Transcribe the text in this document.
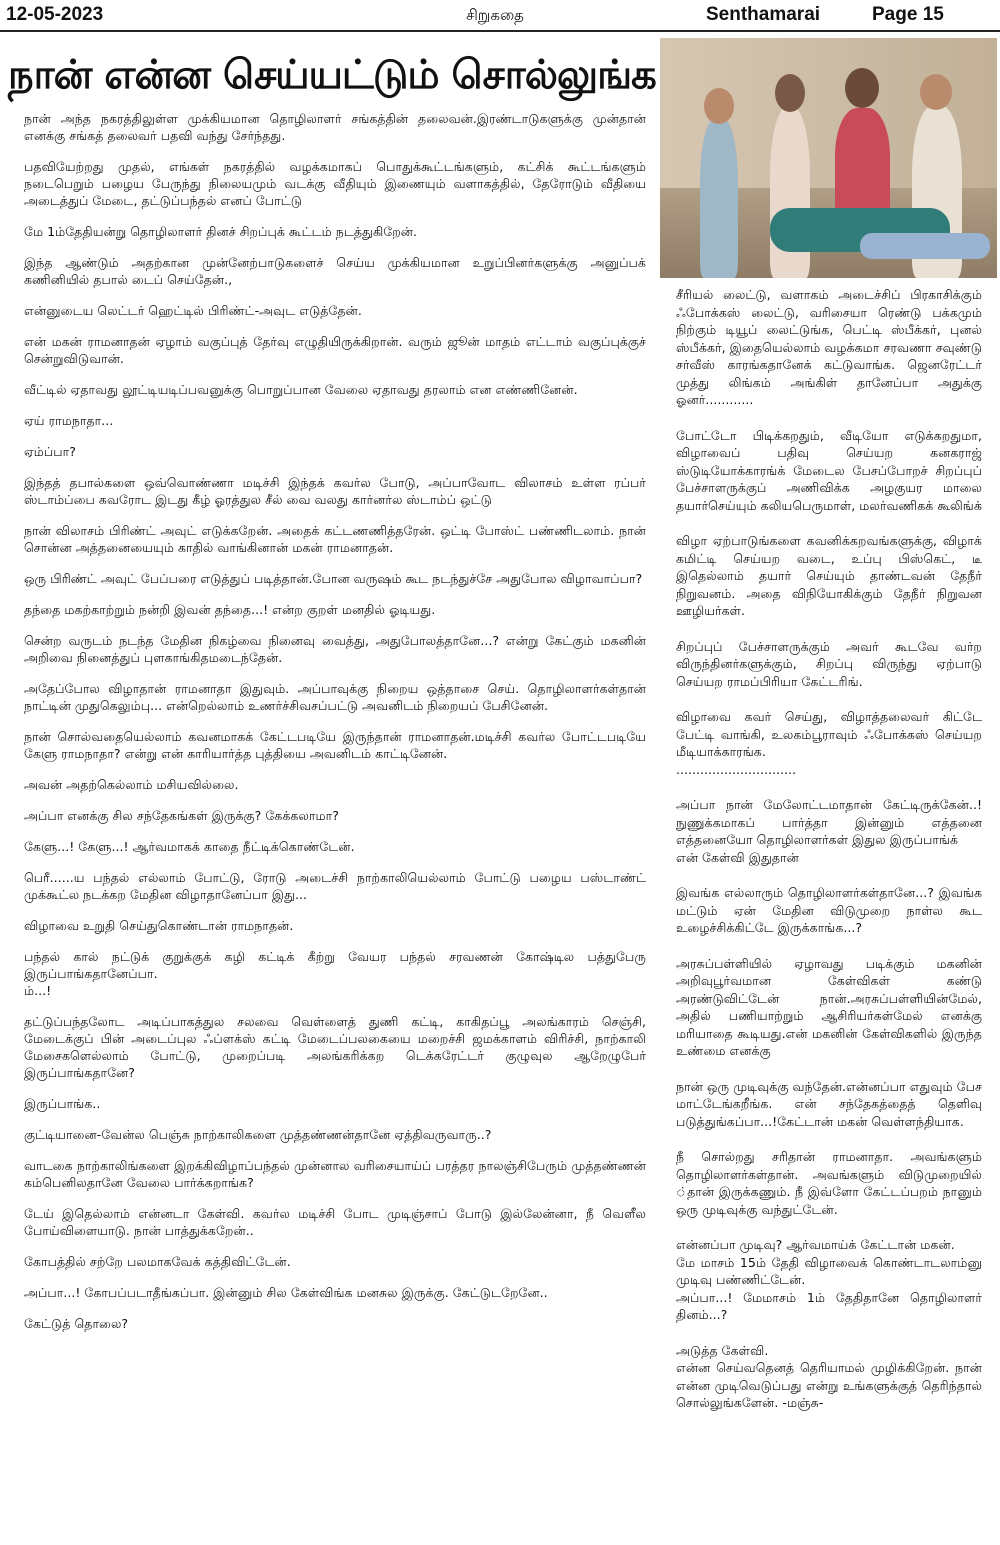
12-05-2023	சிறுகதை	Senthamarai	Page 15
நான் என்ன செய்யட்டும் சொல்லுங்க

நான் அந்த நகரத்திலுள்ள முக்கியமான தொழிலாளர் சங்கத்தின் தலைவன்.இரண்டாடுகளுக்கு முன்தான் எனக்கு சங்கத் தலைவர் பதவி வந்து சேர்ந்தது.

பதவியேற்றது முதல், எங்கள் நகரத்தில் வழக்கமாகப் பொதுக்கூட்டங்களும், கட்சிக் கூட்டங்களும் நடைபெறும் பழைய பேருந்து நிலையமும் வடக்கு வீதியும் இணையும் வளாகத்தில், தேரோடும் வீதியை அடைத்துப் மேடை, தட்டுப்பந்தல் எனப் போட்டு

மே 1ம்தேதியன்று தொழிலாளர் தினச் சிறப்புக் கூட்டம் நடத்துகிறேன்.

இந்த ஆண்டும் அதற்கான முன்னேற்பாடுகளைச் செய்ய முக்கியமான உறுப்பினர்களுக்கு அனுப்பக் கணினியில் தபால் டைப் செய்தேன்.,

என்னுடைய லெட்டர் ஹெட்டில் பிரிண்ட்-அவுட எடுத்தேன்.

என் மகன் ராமனாதன் ஏழாம் வகுப்புத் தேர்வு எழுதியிருக்கிறான். வரும் ஜூன் மாதம் எட்டாம் வகுப்புக்குச் சென்றுவிடுவான்.

வீட்டில் ஏதாவது லூட்டியடிப்பவனுக்கு பொறுப்பான வேலை ஏதாவது தரலாம் என எண்ணினேன்.

ஏய் ராமநாதா...

ஏம்ப்பா?

இந்தத் தபால்களை ஒவ்வொண்ணா மடிச்சி இந்தக் கவர்ல போடு, அப்பாவோட விலாசம் உள்ள ரப்பர் ஸ்டாம்ப்பை கவரோட இடது கீழ் ஓரத்துல சீல் வை வலது கார்னர்ல ஸ்டாம்ப் ஒட்டு

நான் விலாசம் பிரிண்ட் அவுட் எடுக்கறேன். அதைக் கட்டணணித்தரேன். ஒட்டி போஸ்ட் பண்ணிடலாம். நான் சொன்ன அத்தனையையும் காதில் வாங்கினான் மகன் ராமனாதன்.

ஒரு பிரிண்ட் அவுட் பேப்பரை எடுத்துப் படித்தான்.போன வருஷம் கூட நடந்துச்சே அதுபோல விழாவாப்பா?

தந்தை மகற்காற்றும் நன்றி இவன் தந்தை...! என்ற குறள் மனதில் ஓடியது.

சென்ற வருடம் நடந்த மேதின நிகழ்வை நினைவு வைத்து, அதுபோலத்தானே...? என்று கேட்கும் மகனின் அறிவை நினைத்துப் புளகாங்கிதமடைந்தேன்.

அதேப்போல விழாதான் ராமனாதா இதுவும். அப்பாவுக்கு நிறைய ஒத்தாசை செய். தொழிலாளர்கள்தான் நாட்டின் முதுகெலும்பு... என்றெல்லாம் உணர்ச்சிவசப்பட்டு அவனிடம் நிறையப் பேசினேன்.

நான் சொல்வதையெல்லாம் கவனமாகக் கேட்டபடியே இருந்தான் ராமனாதன்.மடிச்சி கவர்ல போட்டபடியே கேளு ராமநாதா? என்று என் காரியார்த்த புத்தியை அவனிடம் காட்டினேன்.

அவன் அதற்கெல்லாம் மசியவில்லை.

அப்பா எனக்கு சில சந்தேகங்கள் இருக்கு? கேக்கலாமா?

கேளு...! கேளு...! ஆர்வமாகக் காதை நீட்டிக்கொண்டேன்.

பெரீ......ய பந்தல் எல்லாம் போட்டு, ரோடு அடைச்சி நாற்காலியெல்லாம் போட்டு பழைய பஸ்டாண்ட் முக்கூட்ல நடக்கற மேதின விழாதானேப்பா இது...

விழாவை உறுதி செய்துகொண்டான் ராமநாதன்.

பந்தல் கால் நட்டுக் குறுக்குக் கழி கட்டிக் கீற்று வேயர பந்தல் சரவணன் கோஷ்டில பத்துபேரு இருப்பாங்கதானேப்பா.
ம்...!

தட்டுப்பந்தலோட அடிப்பாகத்துல சலவை வெள்ளைத் துணி கட்டி, காகிதப்பூ அலங்காரம் செஞ்சி, மேடைக்குப் பின் அடைப்புல ஃப்ளக்ஸ் கட்டி மேடைப்பலகையை மறைச்சி ஜமக்காளம் விரிச்சி, நாற்காலி மேசைகளெல்லாம் போட்டு, முறைப்படி அலங்கரிக்கற டெக்கரேட்டர் குழுவுல ஆறேழுபேர் இருப்பாங்கதானே?

இருப்பாங்க..

குட்டியானை-வேன்ல பெஞ்சு நாற்காலிகளை முத்தண்ணன்தானே ஏத்திவருவாரு..?

வாடகை நாற்காலிங்களை இறக்கிவிழாப்பந்தல் முன்னால வரிசையாய்ப் பரத்தர நாலஞ்சிபேரும் முத்தண்ணன் கம்பெனிலதானே வேலை பார்க்கறாங்க?

டேய் இதெல்லாம் என்னடா கேள்வி. கவர்ல மடிச்சி போட முடிஞ்சாப் போடு இல்லேன்னா, நீ வெளீல போய்விளையாடு. நான் பாத்துக்கறேன்..

கோபத்தில் சற்றே பலமாகவேக் கத்திவிட்டேன்.

அப்பா...! கோபப்படாதீங்கப்பா. இன்னும் சில கேள்விங்க மனசுல இருக்கு. கேட்டுடறேனே..

கேட்டுத் தொலை?

சீரியல் லைட்டு, வளாகம் அடைச்சிப் பிரகாசிக்கும் ஃபோக்கஸ் லைட்டு, வரிசையா ரெண்டு பக்கமும் நிற்கும் டியூப் லைட்டுங்க, பெட்டி ஸ்பீக்கர், புனல் ஸ்பீக்கர், இதையெல்லாம் வழக்கமா சரவணா சவுண்டு சர்வீஸ் காரங்கதானேக் கட்டுவாங்க. ஜெனரேட்டர் முத்து லிங்கம் அங்கிள் தானேப்பா அதுக்கு ஓனர்............

போட்டோ பிடிக்கறதும், வீடியோ எடுக்கறதுமா, விழாவைப் பதிவு செய்யற கனகராஜ் ஸ்டுடியோக்காரங்க் மேடைல பேசப்போறச் சிறப்புப் பேச்சாளருக்குப் அணிவிக்க அழகுயர மாலை தயார்செய்யும் கலியபெருமாள், மலர்வணிகக் கூலிங்க்

விழா ஏற்பாடுங்களை கவனிக்கறவங்களுக்கு, விழாக் கமிட்டி செய்யற வடை, உப்பு பிஸ்கெட், டீ இதெல்லாம் தயார் செய்யும் தாண்டவன் தேநீர் நிறுவனம். அதை விநியோகிக்கும் தேநீர் நிறுவன ஊழியர்கள்.

சிறப்புப் பேச்சாளருக்கும் அவர் கூடவே வர்ற விருந்தினர்களுக்கும், சிறப்பு விருந்து ஏற்பாடு செய்யற ராமப்பிரியா கேட்டரிங்.

விழாவை கவர் செய்து, விழாத்தலைவர் கிட்டே பேட்டி வாங்கி, உலகம்பூராவும் ஃபோக்கஸ் செய்யற மீடியாக்காரங்க.
..............................

அப்பா நான் மேலோட்டமாதான் கேட்டிருக்கேன்..! நுணுக்கமாகப் பார்த்தா இன்னும் எத்தனை எத்தனையோ தொழிலாளர்கள் இதுல இருப்பாங்க்
என் கேள்வி இதுதான்

இவங்க எல்லாரும் தொழிலாளர்கள்தானே...? இவங்க மட்டும் ஏன் மேதின விடுமுறை நாள்ல கூட உழைச்சிக்கிட்டே இருக்காங்க...?

அரசுப்பள்ளியில் ஏழாவது படிக்கும் மகனின் அறிவுபூர்வமான கேள்விகள் கண்டு அரண்டுவிட்டேன் நான்.அரசுப்பள்ளியின்மேல், அதில் பணியாற்றும் ஆசிரியர்கள்மேல் எனக்கு மரியாதை கூடியது.என் மகனின் கேள்விகளில் இருந்த உண்மை எனக்கு

நான் ஒரு முடிவுக்கு வந்தேன்.என்னப்பா எதுவும் பேச மாட்டேங்கறீங்க. என் சந்தேகத்தைத் தெளிவு படுத்துங்கப்பா...!கேட்டான் மகன் வெள்ளந்தியாக.

நீ சொல்றது சரிதான் ராமனாதா. அவங்களும் தொழிலாளர்கள்தான். அவங்களும் விடுமுறையில் ்தான் இருக்கணும். நீ இவ்ளோ கேட்டப்பறம் நானும் ஒரு முடிவுக்கு வந்துட்டேன்.

என்னப்பா முடிவு? ஆர்வமாய்க் கேட்டான் மகன்.
மே மாசம் 15ம் தேதி விழாவைக் கொண்டாடலாம்னு முடிவு பண்ணிட்டேன்.
அப்பா...! மேமாசம் 1ம் தேதிதானே தொழிலாளர் தினம்...?

அடுத்த கேள்வி.
என்ன செய்வதெனத் தெரியாமல் முழிக்கிறேன். நான் என்ன முடிவெடுப்பது என்று உங்களுக்குத் தெரிந்தால் சொல்லுங்களேன். -மஞ்சு-
